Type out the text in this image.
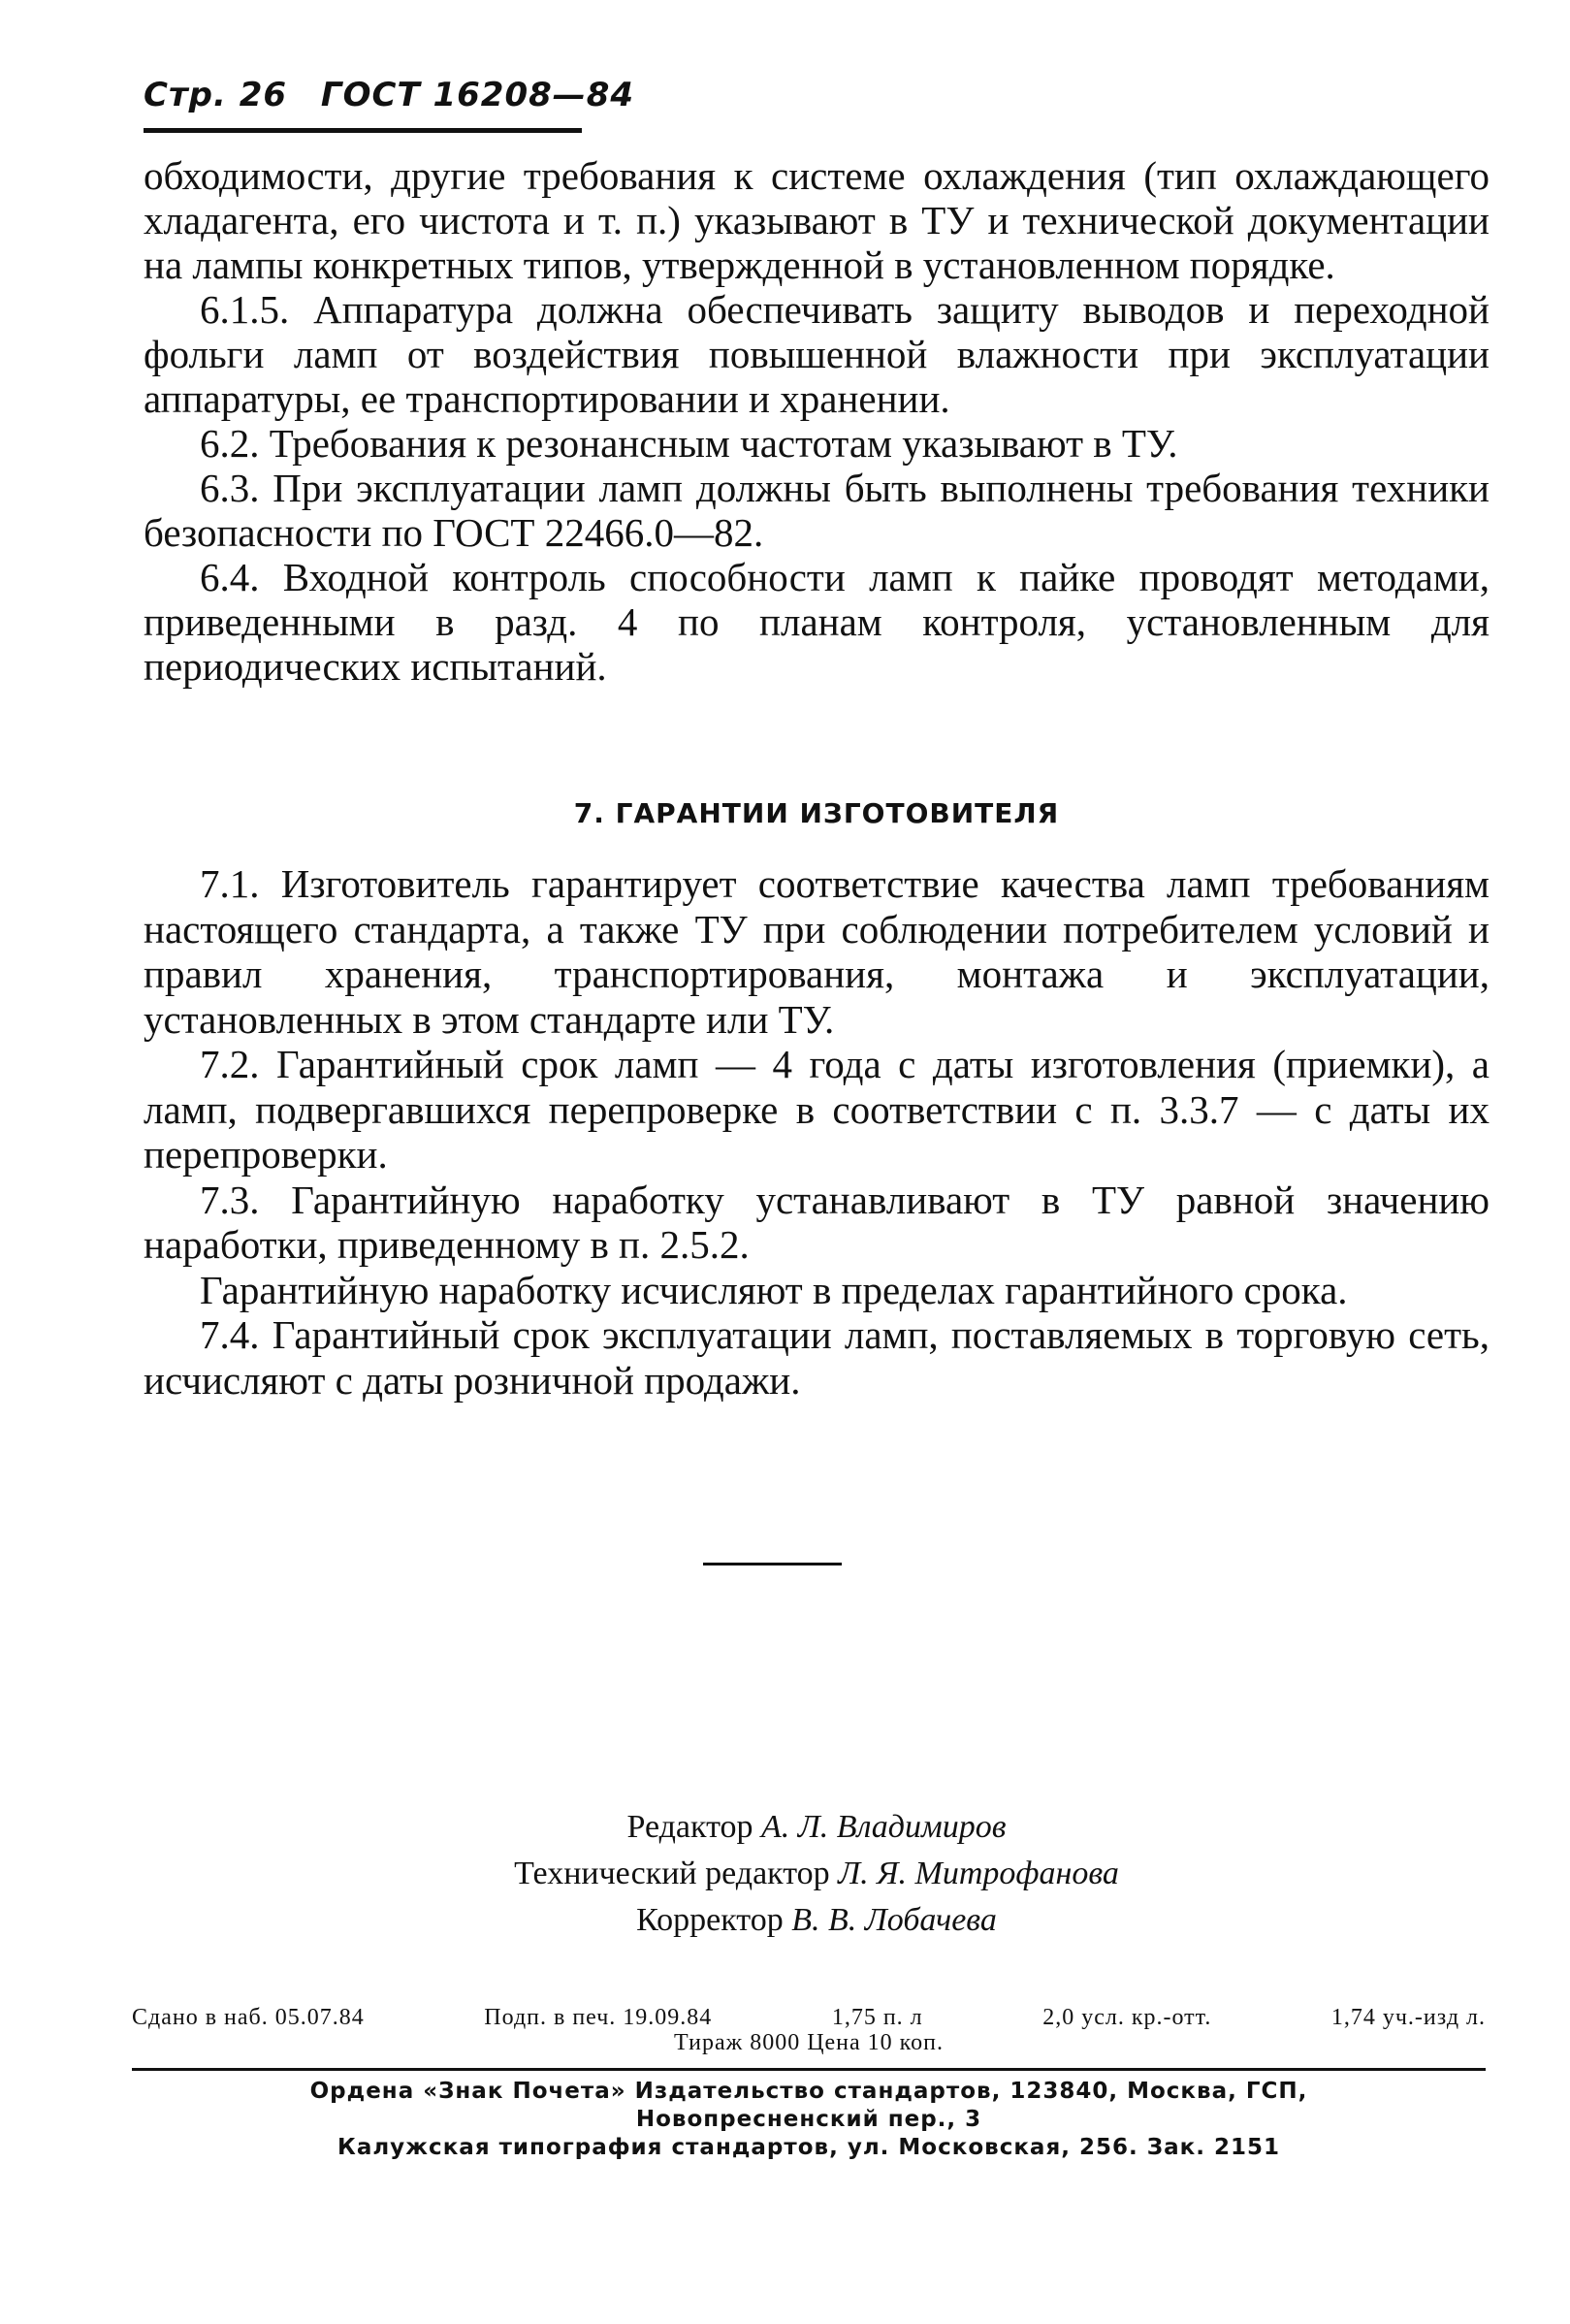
Стр. 26 ГОСТ 16208—84

обходимости, другие требования к системе охлаждения (тип охлаждающего хладагента, его чистота и т. п.) указывают в ТУ и технической документации на лампы конкретных типов, утвержденной в установленном порядке.

6.1.5. Аппаратура должна обеспечивать защиту выводов и переходной фольги ламп от воздействия повышенной влажности при эксплуатации аппаратуры, ее транспортировании и хранении.

6.2. Требования к резонансным частотам указывают в ТУ.

6.3. При эксплуатации ламп должны быть выполнены требования техники безопасности по ГОСТ 22466.0—82.

6.4. Входной контроль способности ламп к пайке проводят методами, приведенными в разд. 4 по планам контроля, установленным для периодических испытаний.

7. ГАРАНТИИ ИЗГОТОВИТЕЛЯ

7.1. Изготовитель гарантирует соответствие качества ламп требованиям настоящего стандарта, а также ТУ при соблюдении потребителем условий и правил хранения, транспортирования, монтажа и эксплуатации, установленных в этом стандарте или ТУ.

7.2. Гарантийный срок ламп — 4 года с даты изготовления (приемки), а ламп, подвергавшихся перепроверке в соответствии с п. 3.3.7 — с даты их перепроверки.

7.3. Гарантийную наработку устанавливают в ТУ равной значению наработки, приведенному в п. 2.5.2.

Гарантийную наработку исчисляют в пределах гарантийного срока.

7.4. Гарантийный срок эксплуатации ламп, поставляемых в торговую сеть, исчисляют с даты розничной продажи.

Редактор А. Л. Владимиров
Технический редактор Л. Я. Митрофанова
Корректор В. В. Лобачева
Сдано в наб. 05.07.84	Подп. в печ. 19.09.84	1,75 п. л	2,0 усл. кр.-отт.	1,74 уч.-изд л.
Тираж 8000 Цена 10 коп.
Ордена «Знак Почета» Издательство стандартов, 123840, Москва, ГСП,
Новопресненский пер., 3
Калужская типография стандартов, ул. Московская, 256. Зак. 2151
